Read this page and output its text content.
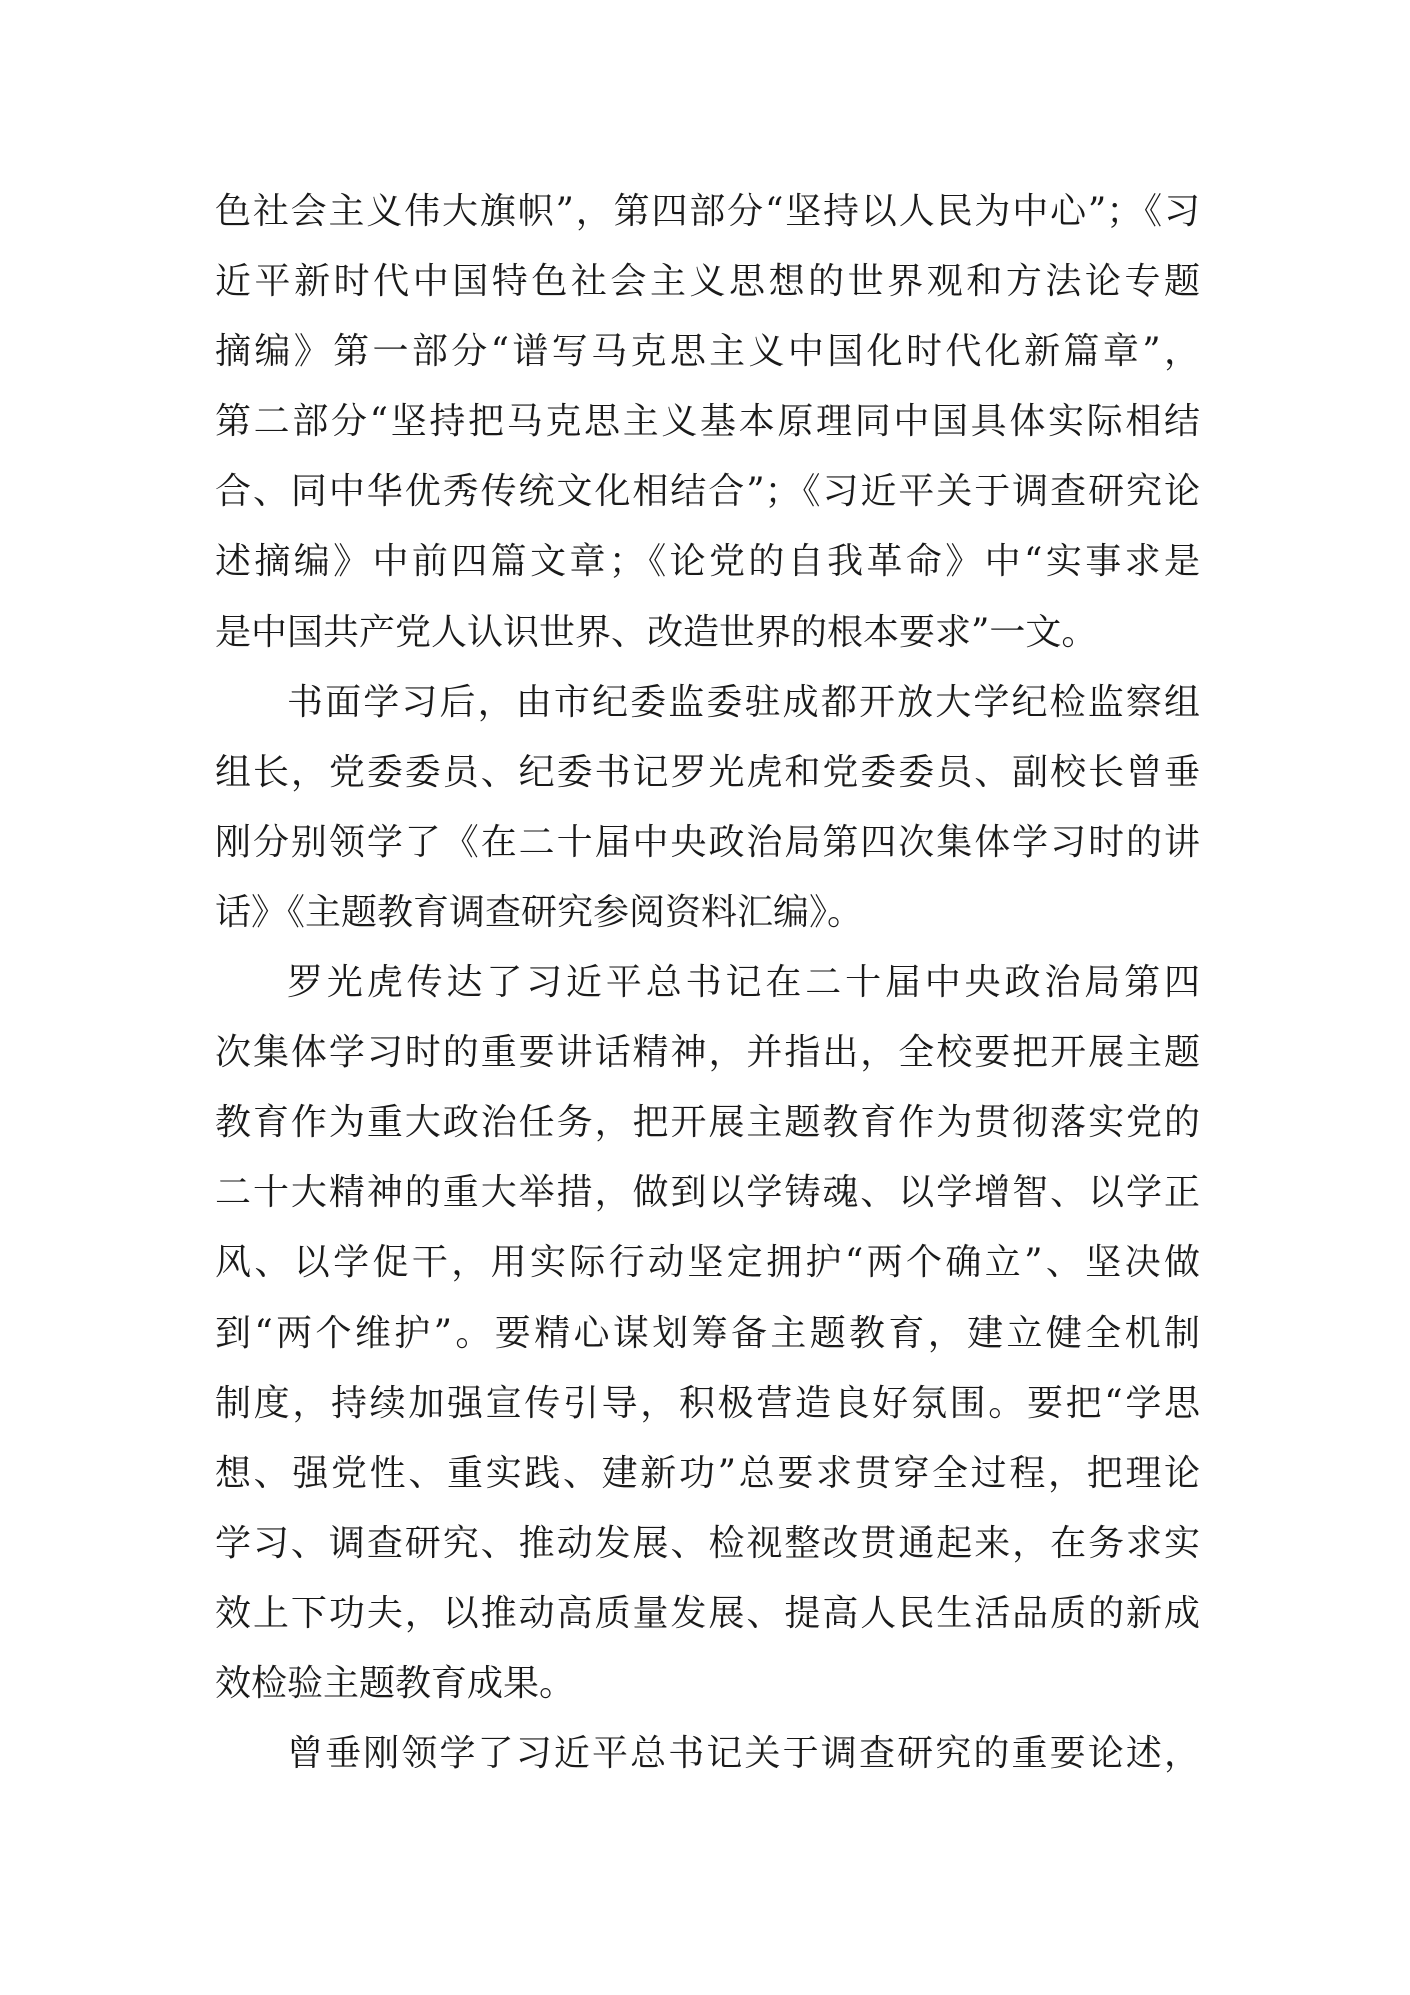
色社会主义伟大旗帜”，第四部分“坚持以人民为中心”；《习
近平新时代中国特色社会主义思想的世界观和方法论专题
摘编》第一部分“谱写马克思主义中国化时代化新篇章”，
第二部分“坚持把马克思主义基本原理同中国具体实际相结
合、同中华优秀传统文化相结合”；《习近平关于调查研究论
述摘编》中前四篇文章；《论党的自我革命》中“实事求是
是中国共产党人认识世界、改造世界的根本要求”一文。
书面学习后，由市纪委监委驻成都开放大学纪检监察组
组长，党委委员、纪委书记罗光虎和党委委员、副校长曾垂
刚分别领学了《在二十届中央政治局第四次集体学习时的讲
话》《主题教育调查研究参阅资料汇编》。
罗光虎传达了习近平总书记在二十届中央政治局第四
次集体学习时的重要讲话精神，并指出，全校要把开展主题
教育作为重大政治任务，把开展主题教育作为贯彻落实党的
二十大精神的重大举措，做到以学铸魂、以学增智、以学正
风、以学促干，用实际行动坚定拥护“两个确立”、坚决做
到“两个维护”。要精心谋划筹备主题教育，建立健全机制
制度，持续加强宣传引导，积极营造良好氛围。要把“学思
想、强党性、重实践、建新功”总要求贯穿全过程，把理论
学习、调查研究、推动发展、检视整改贯通起来，在务求实
效上下功夫，以推动高质量发展、提高人民生活品质的新成
效检验主题教育成果。
曾垂刚领学了习近平总书记关于调查研究的重要论述，
